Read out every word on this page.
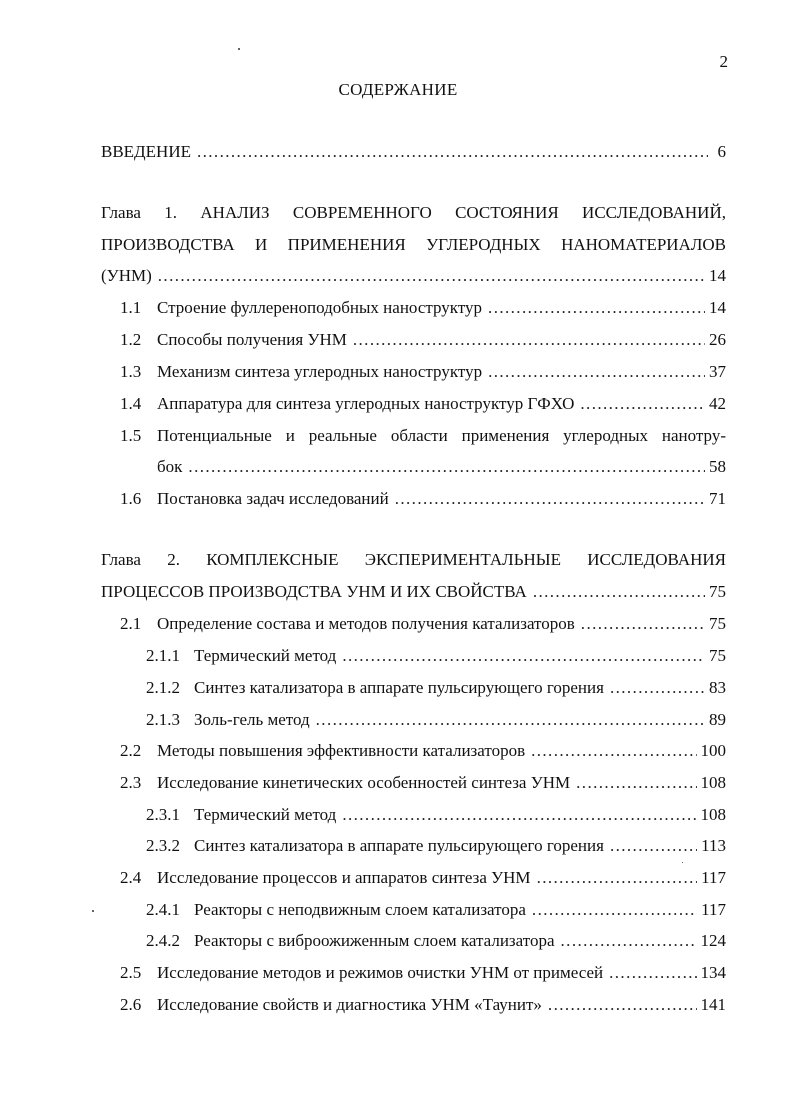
2
СОДЕРЖАНИЕ
ВВЕДЕНИЕ .....	6
Глава 1. АНАЛИЗ СОВРЕМЕННОГО СОСТОЯНИЯ ИССЛЕДОВАНИЙ,
ПРОИЗВОДСТВА И ПРИМЕНЕНИЯ УГЛЕРОДНЫХ НАНОМАТЕРИАЛОВ
(УНМ) .....	14
1.1 Строение фуллереноподобных наноструктур .....	14
1.2 Способы получения УНМ .....	26
1.3 Механизм синтеза углеродных наноструктур .....	37
1.4 Аппаратура для синтеза углеродных наноструктур ГФХО .....	42
1.5 Потенциальные и реальные области применения углеродных нанотру-
бок .....	58
1.6 Постановка задач исследований .....	71
Глава 2. КОМПЛЕКСНЫЕ ЭКСПЕРИМЕНТАЛЬНЫЕ ИССЛЕДОВАНИЯ
ПРОЦЕССОВ ПРОИЗВОДСТВА УНМ И ИХ СВОЙСТВА .....	75
2.1 Определение состава и методов получения катализаторов .....	75
2.1.1 Термический метод .....	75
2.1.2 Синтез катализатора в аппарате пульсирующего горения .....	83
2.1.3 Золь-гель метод .....	89
2.2 Методы повышения эффективности катализаторов .....	100
2.3 Исследование кинетических особенностей синтеза УНМ .....	108
2.3.1 Термический метод .....	108
2.3.2 Синтез катализатора в аппарате пульсирующего горения .....	113
2.4 Исследование процессов и аппаратов синтеза УНМ .....	117
2.4.1 Реакторы с неподвижным слоем катализатора .....	117
2.4.2 Реакторы с виброожиженным слоем катализатора .....	124
2.5 Исследование методов и режимов очистки УНМ от примесей .....	134
2.6 Исследование свойств и диагностика УНМ «Таунит» .....	141
